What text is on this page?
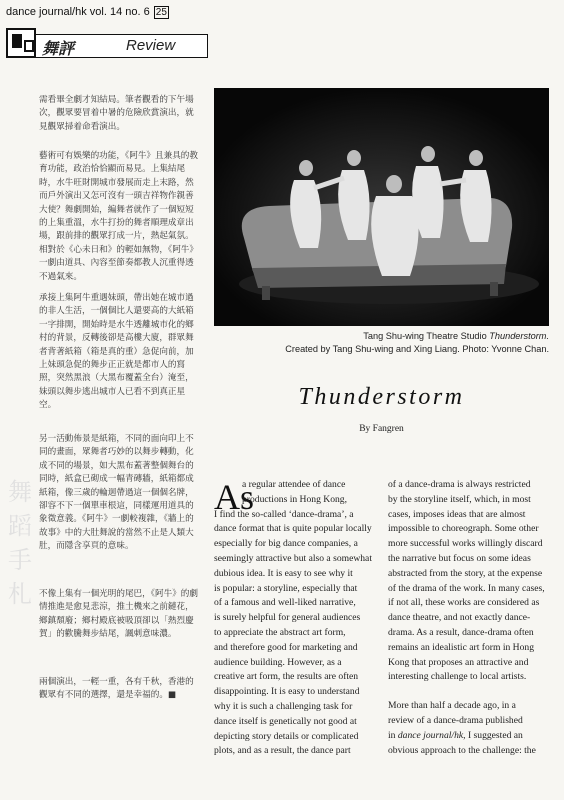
dance journal/hk vol. 14 no. 6 25
舞評	Review
需看畢全劇才知結局。筆者觀看的下午場次，觀眾要冒着中暑的危險欣賞演出，就見觀眾掃着命看演出。
藝術可有娛樂的功能，《阿牛》且兼具的教育功能，政治恰恰顯而易見。上集結尾時，水牛旺財開城市發展而走上末路，然而戶外演出又怎可沒有一頭吉祥物作親善大使？舞劇開始，編舞者就作了一個短短的上集重溫，水牛打扮的舞者順理成章出場，跟前排的觀眾打成一片，熱起氣氛。相對於《心未日和》的輕如無物，《阿牛》一劇由道具、內容至節奏都教人沉重得透不過氣來。
承接上集阿牛重遇妹頭，帶出她在城市過的非人生活，一個個比人還要高的大紙箱一字排開，開始時是水牛透離城市化的鄉村的背景，反轉後卻是高樓大廈，群眾舞者背著紙箱（箱是真的重）急促向前，加上妹頭急促的舞步正正就是都市人的寫照，突然黑浪（大黑布覆蓋全台）淹至，妹頭以舞步逃出城市人已看不到真正星空。
另一活動佈景是紙箱，不同的面向印上不同的畫面，眾舞者巧妙的以舞步轉動，化成不同的場景，如大黑布蓋著整個舞台的同時，紙盒已砌成一幅青磚牆，紙箱都成紙箱，像三歲的輪迴帶過這一個個名牌，卻容不下一個單車根這，同樣運用道具的象徵意義。《阿牛》一劇較複雜，《牆上的故事》中的大肚舞說的當然不止是人類大肚，而隱含享頁的意味。
不像上集有一個光明的尾巴，《阿牛》的劇情推進是愈見悲涼，推土機來之前鏈花，鄉鎮頹廢；鄉村殿底被吸頂卻以「熱烈慶賀」的歡騰舞步結尾，諷刺意味濃。
兩個演出，一輕一重，各有千秋，香港的觀眾有不同的選擇，還是幸福的。■
舞
蹈
手
札
Tang Shu-wing Theatre Studio Thunderstorm.
Created by Tang Shu-wing and Xing Liang. Photo: Yvonne Chan.
Thunderstorm
By Fangren
As
a regular attendee of dance
productions in Hong Kong,
I find the so-called ‘dance-drama’, a
dance format that is quite popular locally
especially for big dance companies, a
seemingly attractive but also a somewhat
dubious idea. It is easy to see why it
is popular: a storyline, especially that
of a famous and well-liked narrative,
is surely helpful for general audiences
to appreciate the abstract art form,
and therefore good for marketing and
audience building. However, as a
creative art form, the results are often
disappointing. It is easy to understand
why it is such a challenging task for
dance itself is genetically not good at
depicting story details or complicated
plots, and as a result, the dance part
of a dance-drama is always restricted
by the storyline itself, which, in most
cases, imposes ideas that are almost
impossible to choreograph. Some other
more successful works willingly discard
the narrative but focus on some ideas
abstracted from the story, at the expense
of the drama of the work. In many cases,
if not all, these works are considered as
dance theatre, and not exactly dance-
drama. As a result, dance-drama often
remains an idealistic art form in Hong
Kong that proposes an attractive and
interesting challenge to local artists.
More than half a decade ago, in a
review of a dance-drama published
in dance journal/hk, I suggested an
obvious approach to the challenge: the
